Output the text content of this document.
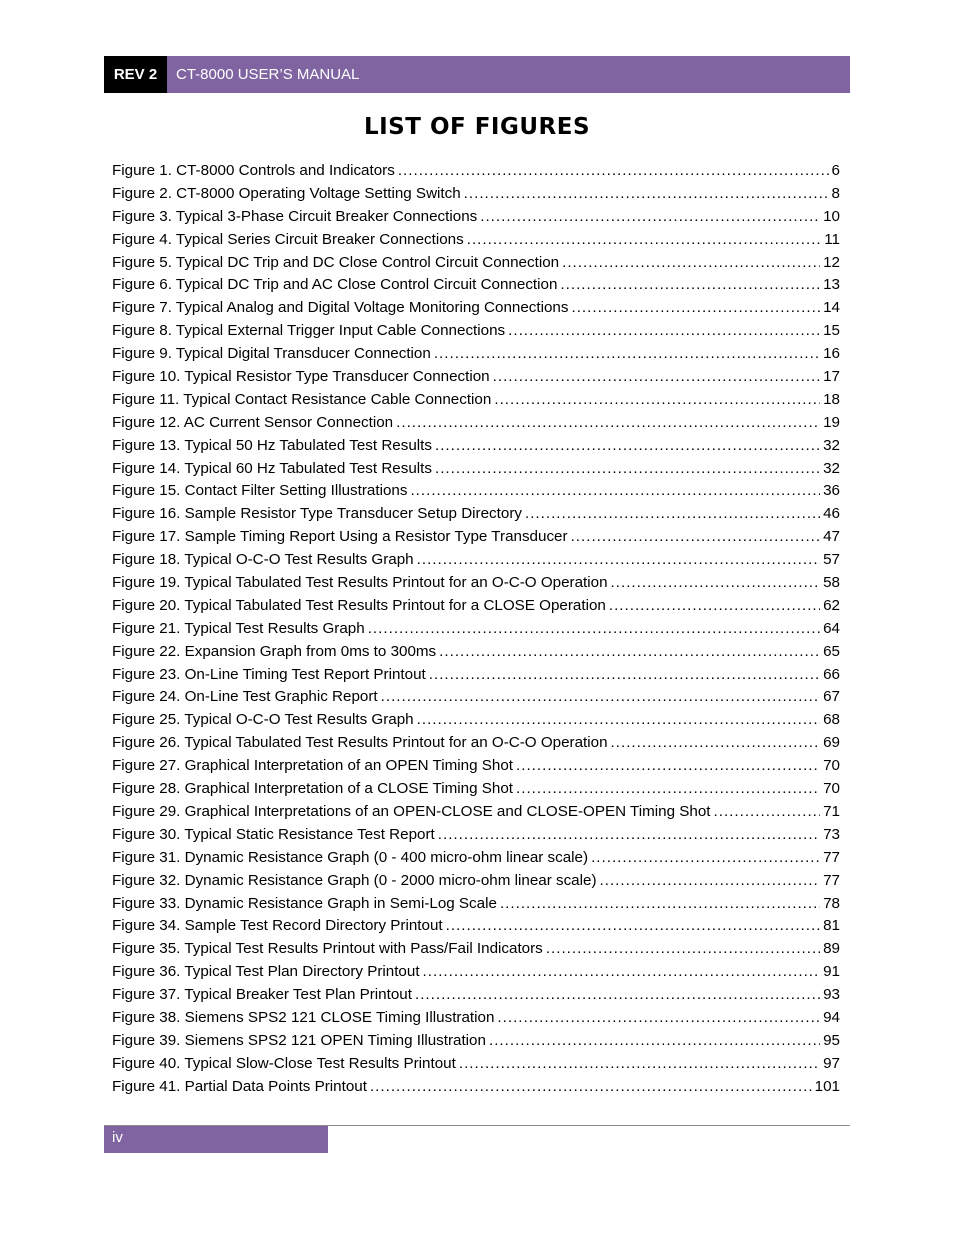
REV 2	CT-8000 USER’S MANUAL
LIST OF FIGURES
Figure 1. CT-8000 Controls and Indicators .....	6
Figure 2. CT-8000 Operating Voltage Setting Switch .....	8
Figure 3. Typical 3-Phase Circuit Breaker Connections .....	10
Figure 4. Typical Series Circuit Breaker Connections .....	11
Figure 5. Typical DC Trip and DC Close Control Circuit Connection .....	12
Figure 6. Typical DC Trip and AC Close Control Circuit Connection .....	13
Figure 7. Typical Analog and Digital Voltage Monitoring Connections .....	14
Figure 8. Typical External Trigger Input Cable Connections .....	15
Figure 9. Typical Digital Transducer Connection .....	16
Figure 10. Typical Resistor Type Transducer Connection .....	17
Figure 11. Typical Contact Resistance Cable Connection .....	18
Figure 12. AC Current Sensor Connection .....	19
Figure 13. Typical 50 Hz Tabulated Test Results .....	32
Figure 14. Typical 60 Hz Tabulated Test Results .....	32
Figure 15. Contact Filter Setting Illustrations .....	36
Figure 16. Sample Resistor Type Transducer Setup Directory .....	46
Figure 17. Sample Timing Report Using a Resistor Type Transducer .....	47
Figure 18. Typical O-C-O Test Results Graph .....	57
Figure 19. Typical Tabulated Test Results Printout for an O-C-O Operation .....	58
Figure 20. Typical Tabulated Test Results Printout for a CLOSE Operation .....	62
Figure 21. Typical Test Results Graph .....	64
Figure 22. Expansion Graph from 0ms to 300ms .....	65
Figure 23. On-Line Timing Test Report Printout .....	66
Figure 24. On-Line Test Graphic Report .....	67
Figure 25. Typical O-C-O Test Results Graph .....	68
Figure 26. Typical Tabulated Test Results Printout for an O-C-O Operation .....	69
Figure 27. Graphical Interpretation of an OPEN Timing Shot .....	70
Figure 28. Graphical Interpretation of a CLOSE Timing Shot .....	70
Figure 29. Graphical Interpretations of an OPEN-CLOSE and CLOSE-OPEN Timing Shot .....	71
Figure 30. Typical Static Resistance Test Report .....	73
Figure 31. Dynamic Resistance Graph (0 - 400 micro-ohm linear scale) .....	77
Figure 32. Dynamic Resistance Graph (0 - 2000 micro-ohm linear scale) .....	77
Figure 33. Dynamic Resistance Graph in Semi-Log Scale .....	78
Figure 34. Sample Test Record Directory Printout .....	81
Figure 35. Typical Test Results Printout with Pass/Fail Indicators .....	89
Figure 36. Typical Test Plan Directory Printout .....	91
Figure 37. Typical Breaker Test Plan Printout .....	93
Figure 38. Siemens SPS2 121 CLOSE Timing Illustration .....	94
Figure 39. Siemens SPS2 121 OPEN Timing Illustration .....	95
Figure 40. Typical Slow-Close Test Results Printout .....	97
Figure 41. Partial Data Points Printout .....	101
iv
